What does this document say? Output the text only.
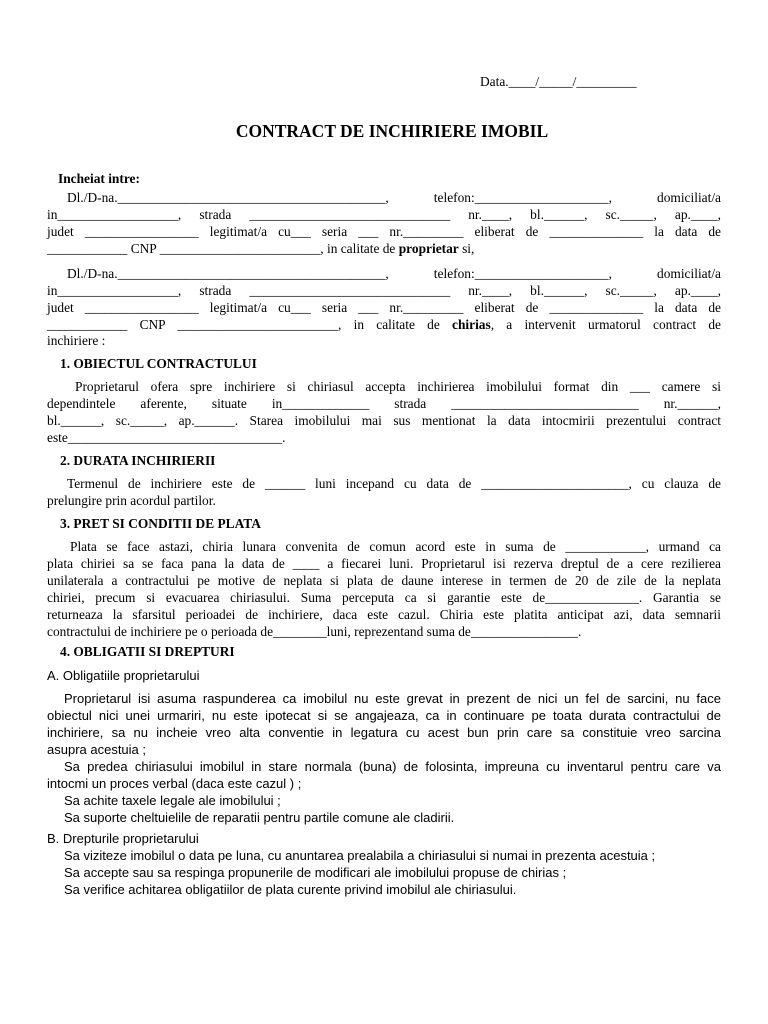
Data.____/_____/_________
CONTRACT DE INCHIRIERE IMOBIL
Incheiat intre:
Dl./D-na.________________________________________, telefon:____________________, domiciliat/a
in__________________, strada ______________________________ nr.____, bl.______, sc._____, ap.____,
judet _________________ legitimat/a cu___ seria ___ nr._________ eliberat de ______________ la data de
____________ CNP ________________________, in calitate de proprietar si,
Dl./D-na.________________________________________, telefon:____________________, domiciliat/a
in__________________, strada ______________________________ nr.____, bl.______, sc._____, ap.____,
judet _________________ legitimat/a cu___ seria ___ nr._________ eliberat de ______________ la data de
____________ CNP ________________________, in calitate de chirias, a intervenit urmatorul contract de
inchiriere :
1. OBIECTUL CONTRACTULUI
Proprietarul ofera spre inchiriere si chiriasul accepta inchirierea imobilului format din ___ camere si
dependintele aferente, situate in_____________ strada ____________________________ nr.______,
bl.______, sc._____, ap.______. Starea imobilului mai sus mentionat la data intocmirii prezentului contract
este________________________________.
2. DURATA INCHIRIERII
Termenul de inchiriere este de ______ luni incepand cu data de ______________________, cu clauza de
prelungire prin acordul partilor.
3. PRET SI CONDITII DE PLATA
Plata se face astazi, chiria lunara convenita de comun acord este in suma de ____________, urmand ca
plata chiriei sa se faca pana la data de ____ a fiecarei luni. Proprietarul isi rezerva dreptul de a cere rezilierea
unilaterala a contractului pe motive de neplata si plata de daune interese in termen de 20 de zile de la neplata
chiriei, precum si evacuarea chiriasului. Suma perceputa ca si garantie este de______________. Garantia se
returneaza la sfarsitul perioadei de inchiriere, daca este cazul. Chiria este platita anticipat azi, data semnarii
contractului de inchiriere pe o perioada de________luni, reprezentand suma de________________.
4. OBLIGATII SI DREPTURI
A. Obligatiile proprietarului
Proprietarul isi asuma raspunderea ca imobilul nu este grevat in prezent de nici un fel de sarcini, nu face
obiectul nici unei urmariri, nu este ipotecat si se angajeaza, ca in continuare pe toata durata contractului de
inchiriere, sa nu incheie vreo alta conventie in legatura cu acest bun prin care sa constituie vreo sarcina
asupra acestuia ;
Sa predea chiriasului imobilul in stare normala (buna) de folosinta, impreuna cu inventarul pentru care va
intocmi un proces verbal (daca este cazul ) ;
Sa achite taxele legale ale imobilului ;
Sa suporte cheltuielile de reparatii pentru partile comune ale cladirii.
B. Drepturile proprietarului
Sa viziteze imobilul o data pe luna, cu anuntarea prealabila a chiriasului si numai in prezenta acestuia ;
Sa accepte sau sa respinga propunerile de modificari ale imobilului propuse de chirias ;
Sa verifice achitarea obligatiilor de plata curente privind imobilul ale chiriasului.
